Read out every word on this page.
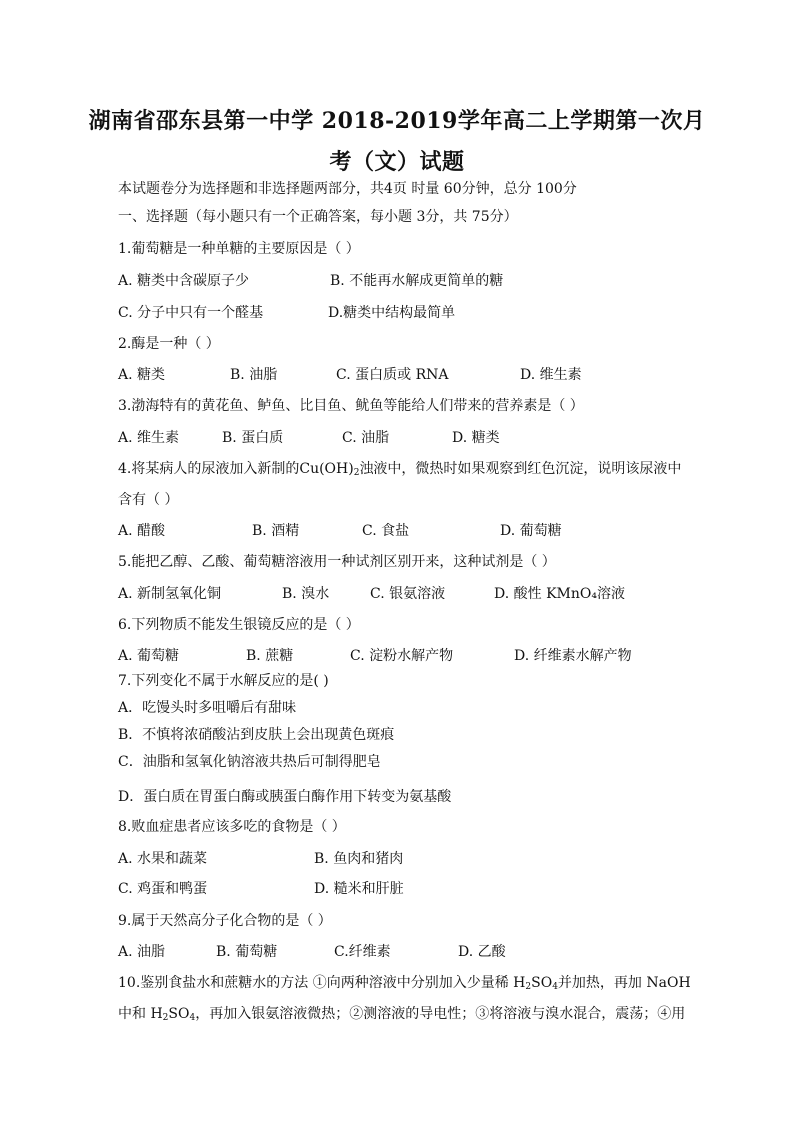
湖南省邵东县第一中学 2018-2019学年高二上学期第一次月
考（文）试题
本试题卷分为选择题和非选择题两部分，共4页 时量 60分钟，总分 100分
一、选择题（每小题只有一个正确答案，每小题 3分，共 75分）
1.葡萄糖是一种单糖的主要原因是（ ）
A. 糖类中含碳原子少	B. 不能再水解成更简单的糖
C. 分子中只有一个醛基	D.糖类中结构最简单
2.酶是一种（ ）
A. 糖类	B. 油脂	C. 蛋白质或 RNA	D. 维生素
3.渤海特有的黄花鱼、鲈鱼、比目鱼、鱿鱼等能给人们带来的营养素是（ ）
A. 维生素	B. 蛋白质	C. 油脂	D. 糖类
4.将某病人的尿液加入新制的$Cu(OH)_2$浊液中，微热时如果观察到红色沉淀，说明该尿液中
含有（ ）
A. 醋酸	B. 酒精	C. 食盐	D. 葡萄糖
5.能把乙醇、乙酸、葡萄糖溶液用一种试剂区别开来，这种试剂是（ ）
A. 新制氢氧化铜	B. 溴水	C. 银氨溶液	D. 酸性 KMnO₄溶液
6.下列物质不能发生银镜反应的是（ ）
A. 葡萄糖	B. 蔗糖	C. 淀粉水解产物	D. 纤维素水解产物
7.下列变化不属于水解反应的是( )
A．吃馒头时多咀嚼后有甜味
B．不慎将浓硝酸沾到皮肤上会出现黄色斑痕
C．油脂和氢氧化钠溶液共热后可制得肥皂
D．蛋白质在胃蛋白酶或胰蛋白酶作用下转变为氨基酸
8.败血症患者应该多吃的食物是（ ）
A. 水果和蔬菜	B. 鱼肉和猪肉
C. 鸡蛋和鸭蛋	D. 糙米和肝脏
9.属于天然高分子化合物的是（ ）
A. 油脂	B. 葡萄糖	C.纤维素	D. 乙酸
10.鉴别食盐水和蔗糖水的方法 ①向两种溶液中分别加入少量稀 $H_2SO_4$并加热，再加 NaOH
中和 $H_2SO_4$，再加入银氨溶液微热；②测溶液的导电性；③将溶液与溴水混合，震荡；④用
